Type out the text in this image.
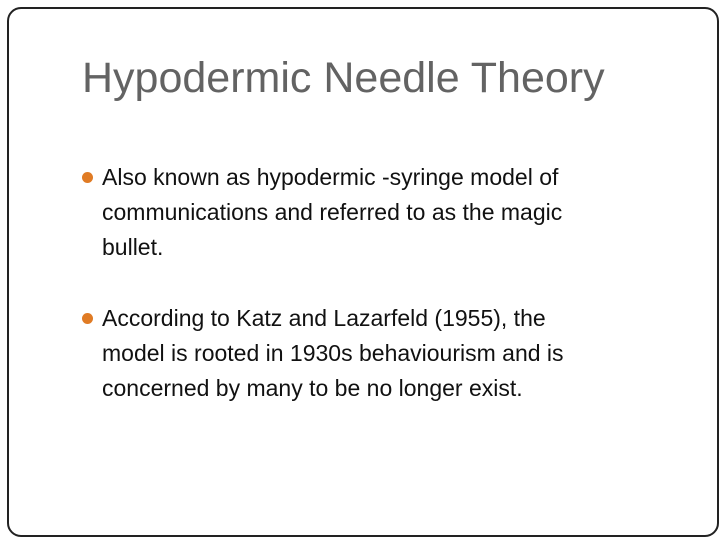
Hypodermic Needle Theory
Also known as hypodermic -syringe model of
communications and referred to as the magic
bullet.
According to Katz and Lazarfeld (1955), the
model is rooted in 1930s behaviourism and is
concerned by many to be no longer exist.
